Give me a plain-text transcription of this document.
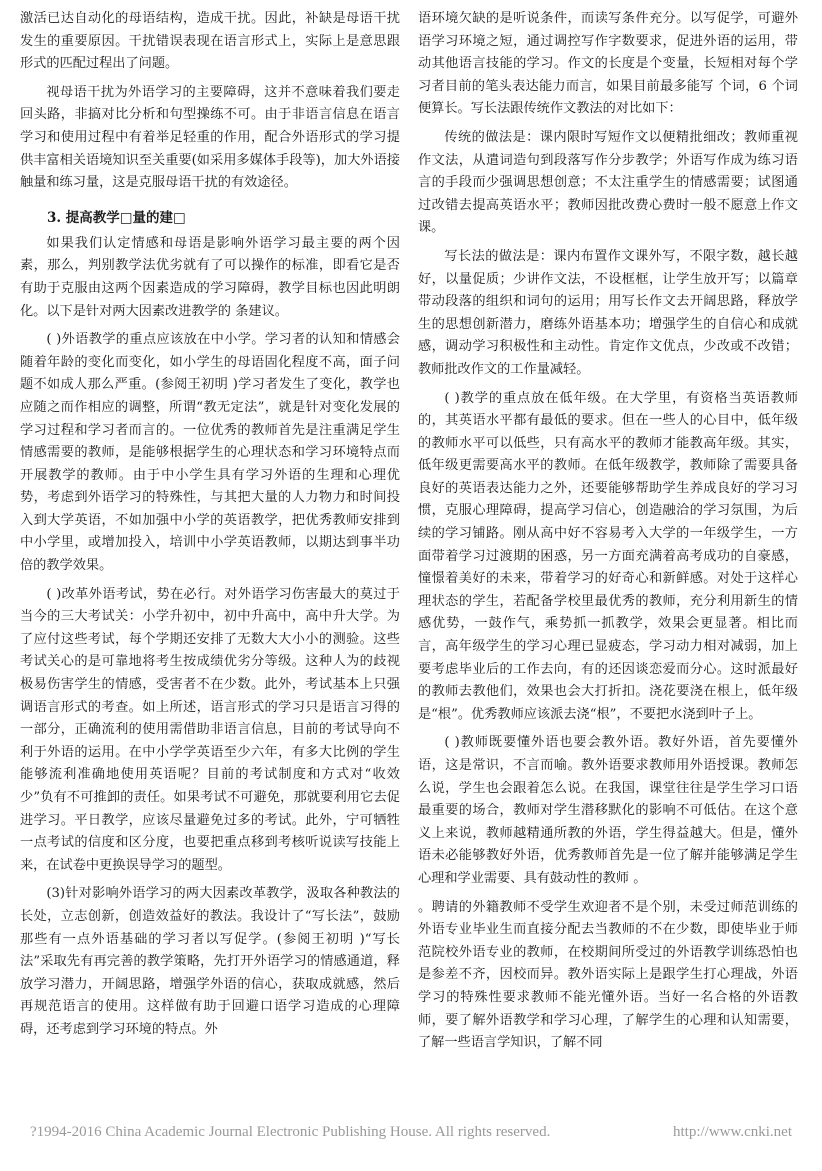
激活已达自动化的母语结构，造成干扰。因此，补缺是母语干扰发生的重要原因。干扰错误表现在语言形式上，实际上是意思跟形式的匹配过程出了问题。

视母语干扰为外语学习的主要障碍，这并不意味着我们要走回头路，非搞对比分析和句型操练不可。由于非语言信息在语言学习和使用过程中有着举足轻重的作用，配合外语形式的学习提供丰富相关语境知识至关重要(如采用多媒体手段等)，加大外语接触量和练习量，这是克服母语干扰的有效途径。

3. 提高教学□量的建□

如果我们认定情感和母语是影响外语学习最主要的两个因素，那么，判别教学法优劣就有了可以操作的标准，即看它是否有助于克服由这两个因素造成的学习障碍，教学目标也因此明朗化。以下是针对两大因素改进教学的 条建议。

( )外语教学的重点应该放在中小学。学习者的认知和情感会随着年龄的变化而变化，如小学生的母语固化程度不高，面子问题不如成人那么严重。(参阅王初明 )学习者发生了变化，教学也应随之而作相应的调整，所谓“教无定法”，就是针对变化发展的学习过程和学习者而言的。一位优秀的教师首先是注重满足学生情感需要的教师，是能够根据学生的心理状态和学习环境特点而开展教学的教师。由于中小学生具有学习外语的生理和心理优势，考虑到外语学习的特殊性，与其把大量的人力物力和时间投入到大学英语，不如加强中小学的英语教学，把优秀教师安排到中小学里，或增加投入，培训中小学英语教师，以期达到事半功倍的教学效果。

( )改革外语考试，势在必行。对外语学习伤害最大的莫过于当今的三大考试关：小学升初中，初中升高中，高中升大学。为了应付这些考试，每个学期还安排了无数大大小小的测验。这些考试关心的是可靠地将考生按成绩优劣分等级。这种人为的歧视极易伤害学生的情感，受害者不在少数。此外，考试基本上只强调语言形式的考查。如上所述，语言形式的学习只是语言习得的一部分，正确流利的使用需借助非语言信息，目前的考试导向不利于外语的运用。在中小学学英语至少六年，有多大比例的学生能够流利准确地使用英语呢？目前的考试制度和方式对“收效少”负有不可推卸的责任。如果考试不可避免，那就要利用它去促进学习。平日教学，应该尽量避免过多的考试。此外，宁可牺牲一点考试的信度和区分度，也要把重点移到考核听说读写技能上来，在试卷中更换误导学习的题型。

(3)针对影响外语学习的两大因素改革教学，汲取各种教法的长处，立志创新，创造效益好的教法。我设计了“写长法”，鼓励那些有一点外语基础的学习者以写促学。(参阅王初明 )“写长法”采取先有再完善的教学策略，先打开外语学习的情感通道，释放学习潜力，开阔思路，增强学外语的信心，获取成就感，然后再规范语言的使用。这样做有助于回避口语学习造成的心理障碍，还考虑到学习环境的特点。外

语环境欠缺的是听说条件，而读写条件充分。以写促学，可避外语学习环境之短，通过调控写作字数要求，促进外语的运用，带动其他语言技能的学习。作文的长度是个变量，长短相对每个学习者目前的笔头表达能力而言，如果目前最多能写 个词，6 个词便算长。写长法跟传统作文教法的对比如下：

传统的做法是：课内限时写短作文以便精批细改；教师重视作文法，从遣词造句到段落写作分步教学；外语写作成为练习语言的手段而少强调思想创意；不太注重学生的情感需要；试图通过改错去提高英语水平；教师因批改费心费时一般不愿意上作文课。

写长法的做法是：课内布置作文课外写，不限字数，越长越好，以量促质；少讲作文法，不设框框，让学生放开写；以篇章带动段落的组织和词句的运用；用写长作文去开阔思路，释放学生的思想创新潜力，磨练外语基本功；增强学生的自信心和成就感，调动学习积极性和主动性。肯定作文优点，少改或不改错；教师批改作文的工作量减轻。

( )教学的重点放在低年级。在大学里，有资格当英语教师的，其英语水平都有最低的要求。但在一些人的心目中，低年级的教师水平可以低些，只有高水平的教师才能教高年级。其实，低年级更需要高水平的教师。在低年级教学，教师除了需要具备良好的英语表达能力之外，还要能够帮助学生养成良好的学习习惯，克服心理障碍，提高学习信心，创造融洽的学习氛围，为后续的学习铺路。刚从高中好不容易考入大学的一年级学生，一方面带着学习过渡期的困惑，另一方面充满着高考成功的自豪感，憧憬着美好的未来，带着学习的好奇心和新鲜感。对处于这样心理状态的学生，若配备学校里最优秀的教师，充分利用新生的情感优势，一鼓作气，乘势抓一抓教学，效果会更显著。相比而言，高年级学生的学习心理已显疲态，学习动力相对减弱，加上要考虑毕业后的工作去向，有的还因谈恋爱而分心。这时派最好的教师去教他们，效果也会大打折扣。浇花要浇在根上，低年级是“根”。优秀教师应该派去浇“根”，不要把水浇到叶子上。

( )教师既要懂外语也要会教外语。教好外语，首先要懂外语，这是常识，不言而喻。教外语要求教师用外语授课。教师怎么说，学生也会跟着怎么说。在我国，课堂往往是学生学习口语最重要的场合，教师对学生潜移默化的影响不可低估。在这个意义上来说，教师越精通所教的外语，学生得益越大。但是，懂外语未必能够教好外语，优秀教师首先是一位了解并能够满足学生心理和学业需要、具有鼓动性的教师 。

。聘请的外籍教师不受学生欢迎者不是个别，未受过师范训练的外语专业毕业生而直接分配去当教师的不在少数，即使毕业于师范院校外语专业的教师，在校期间所受过的外语教学训练恐怕也是参差不齐，因校而异。教外语实际上是跟学生打心理战，外语学习的特殊性要求教师不能光懂外语。当好一名合格的外语教师，要了解外语教学和学习心理，了解学生的心理和认知需要，了解一些语言学知识，了解不同

?1994-2016 China Academic Journal Electronic Publishing House. All rights reserved.	http://www.cnki.net
